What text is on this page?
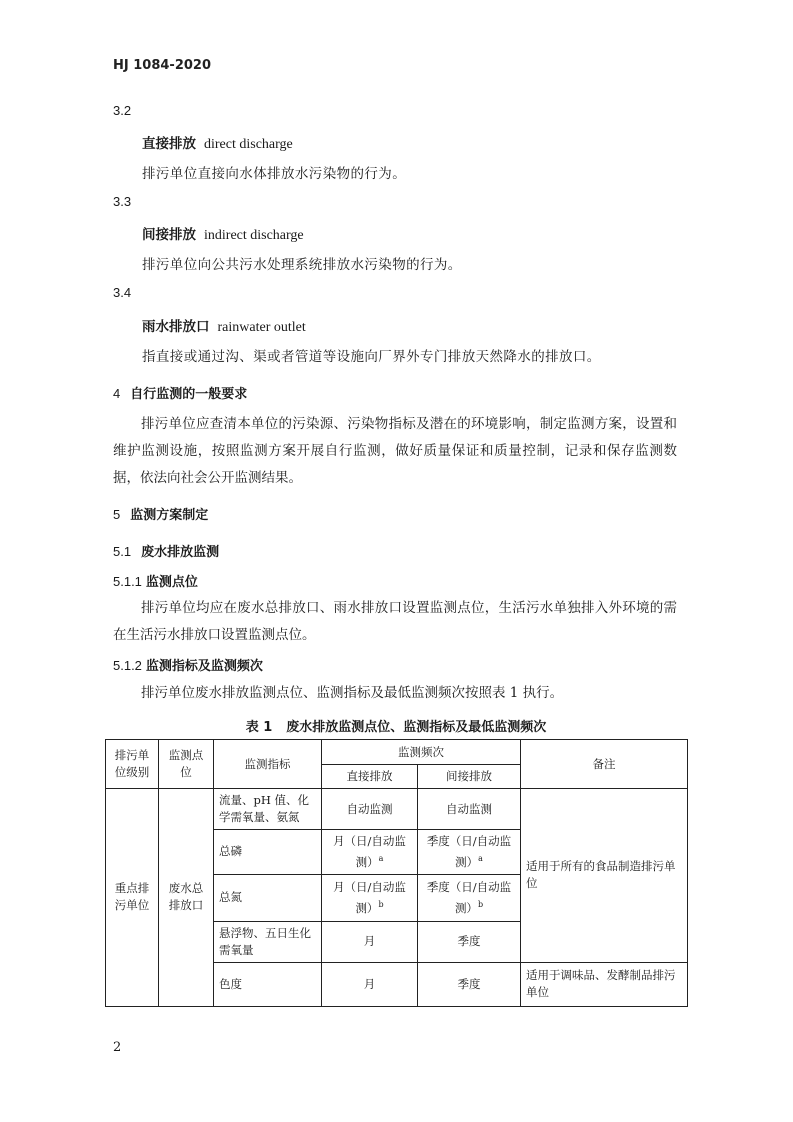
HJ 1084-2020
3.2
直接排放 direct discharge
排污单位直接向水体排放水污染物的行为。
3.3
间接排放 indirect discharge
排污单位向公共污水处理系统排放水污染物的行为。
3.4
雨水排放口 rainwater outlet
指直接或通过沟、渠或者管道等设施向厂界外专门排放天然降水的排放口。
4 自行监测的一般要求
排污单位应查清本单位的污染源、污染物指标及潜在的环境影响，制定监测方案，设置和维护监测设施，按照监测方案开展自行监测，做好质量保证和质量控制，记录和保存监测数据，依法向社会公开监测结果。
5 监测方案制定
5.1 废水排放监测
5.1.1 监测点位
排污单位均应在废水总排放口、雨水排放口设置监测点位，生活污水单独排入外环境的需在生活污水排放口设置监测点位。
5.1.2 监测指标及监测频次
排污单位废水排放监测点位、监测指标及最低监测频次按照表 1 执行。
表 1 废水排放监测点位、监测指标及最低监测频次
排污单位级别	监测点位	监测指标	监测频次		备注
			直接排放	间接排放	
重点排污单位	废水总排放口	流量、pH 值、化学需氧量、氨氮	自动监测	自动监测	适用于所有的食品制造排污单位
		总磷	月（日/自动监测）$^a$	季度（日/自动监测）$^a$
		总氮	月（日/自动监测）$^b$	季度（日/自动监测）$^b$
		悬浮物、五日生化需氧量	月	季度	
		色度	月	季度	适用于调味品、发酵制品排污单位
2
